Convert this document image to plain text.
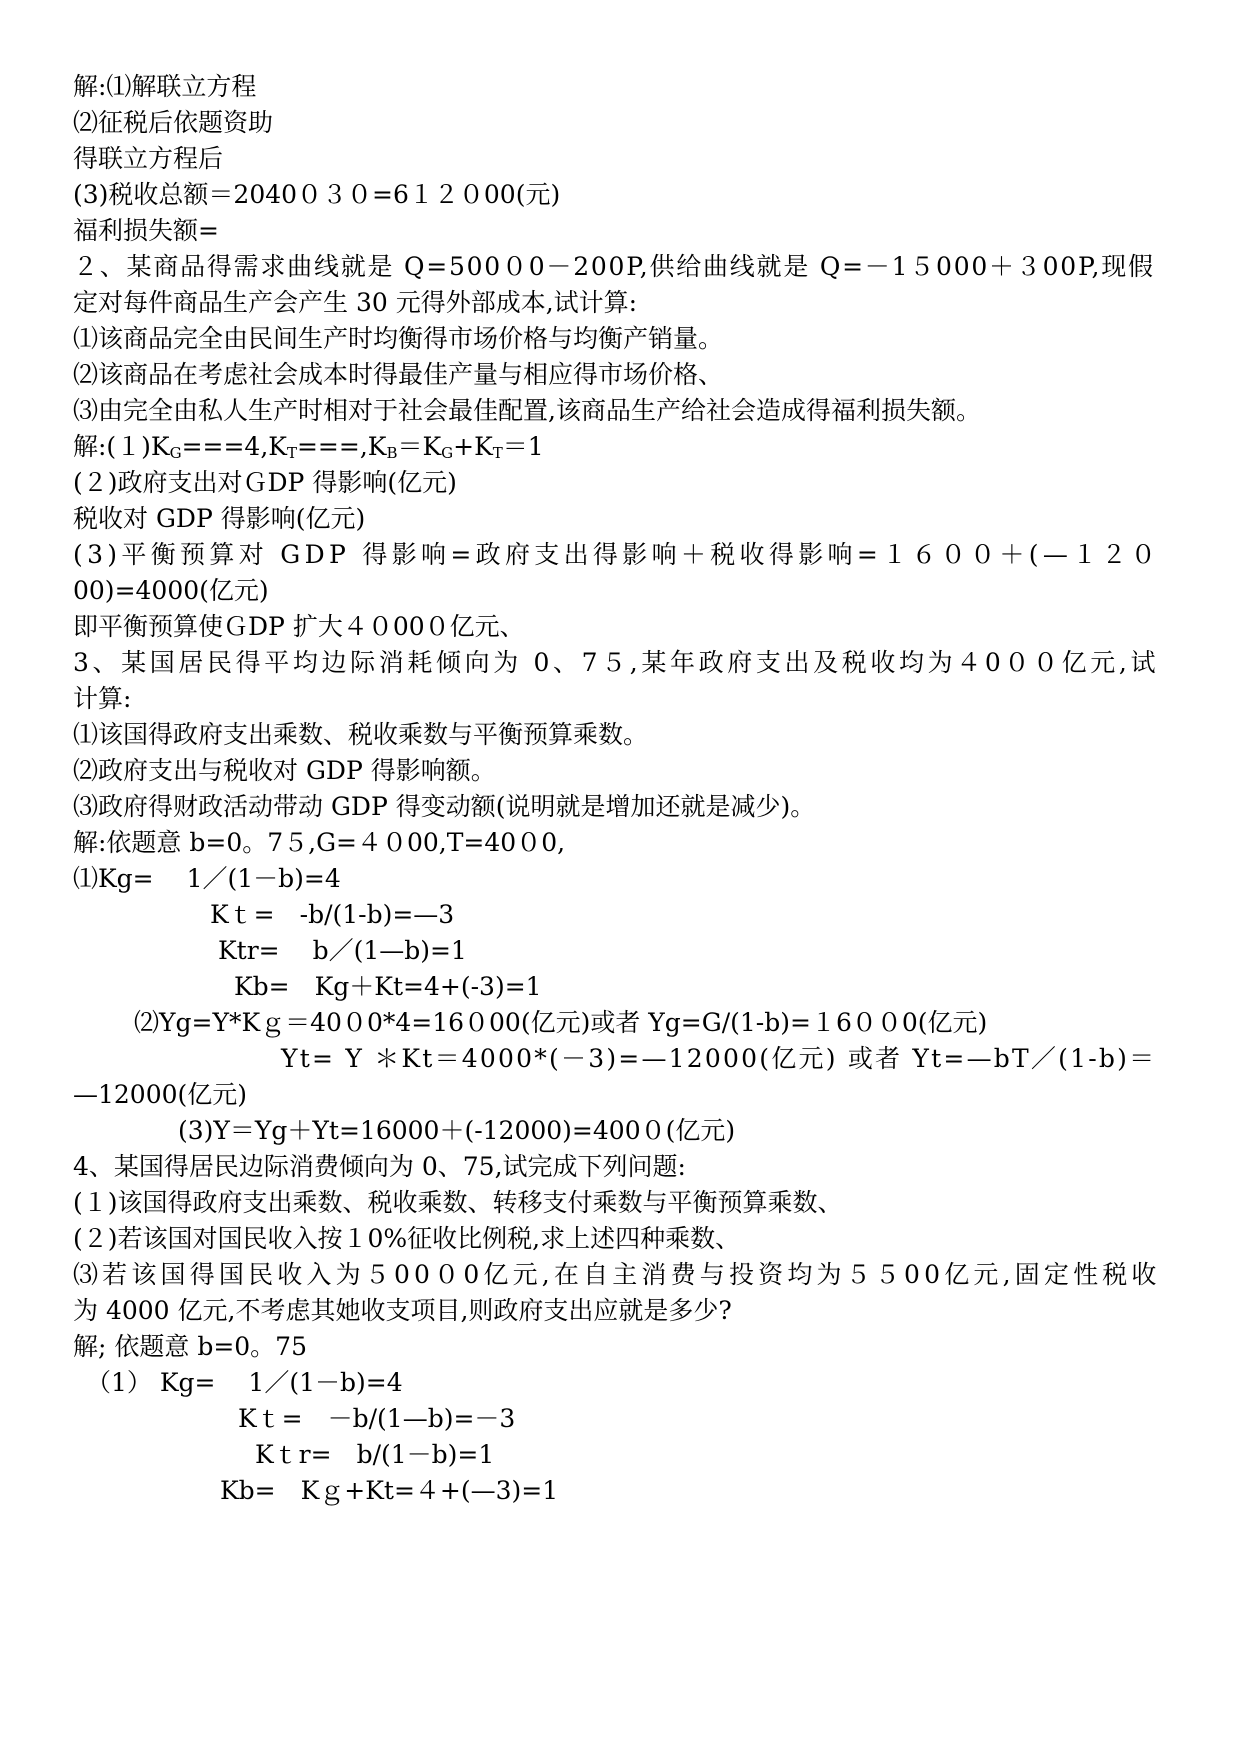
解:⑴解联立方程
⑵征税后依题资助
得联立方程后
(3)税收总额＝2040０３０=6１２０00(元)
福利损失额=
２、某商品得需求曲线就是 Q=500０0－200P,供给曲线就是 Q=－1５000＋３00P,现假
定对每件商品生产会产生 30 元得外部成本,试计算:
⑴该商品完全由民间生产时均衡得市场价格与均衡产销量。
⑵该商品在考虑社会成本时得最佳产量与相应得市场价格、
⑶由完全由私人生产时相对于社会最佳配置,该商品生产给社会造成得福利损失额。
解$:(1)K_G===4,K_T===,K_B=K_G+K_T=1$
(２)政府支出对ＧDP 得影响(亿元)
税收对 GDP 得影响(亿元)
(3)平衡预算对 GDP 得影响=政府支出得影响＋税收得影响=１６００＋(—１２０
00)=4000(亿元)
即平衡预算使ＧDP 扩大４０00０亿元、
3、某国居民得平均边际消耗倾向为 0、7５,某年政府支出及税收均为４0００亿元,试
计算:
⑴该国得政府支出乘数、税收乘数与平衡预算乘数。
⑵政府支出与税收对 GDP 得影响额。
⑶政府得财政活动带动 GDP 得变动额(说明就是增加还就是减少)。
解:依题意 b=0。7５,G=４０00,T=40０0,
⑴Kg=　 1／(1－b)=4
Kｔ=　-b/(1-b)=—3
Ktr=　 b／(1—b)=1
Kb=　Kg＋Kt=4+(-3)=1
⑵Yg=Y*Kｇ＝40０0*4=16０00(亿元)或者 Yg=G/(1-b)=１6００0(亿元)
Yt= Y ＊Kt＝4000*(－3)=—12000(亿元) 或者 Yt=—bT／(1-b)＝
—12000(亿元)
(3)Y＝Yg＋Yt=16000＋(-12000)=400０(亿元)
4、某国得居民边际消费倾向为 0、75,试完成下列问题:
(１)该国得政府支出乘数、税收乘数、转移支付乘数与平衡预算乘数、
(２)若该国对国民收入按１0%征收比例税,求上述四种乘数、
⑶若该国得国民收入为５00０0亿元,在自主消费与投资均为５５00亿元,固定性税收
为 4000 亿元,不考虑其她收支项目,则政府支出应就是多少?
解; 依题意 b=0。75
（1） Kg=　 1／(1－b)=4
Kｔ=　－b/(1—b)=－3
Kｔr=　b/(1－b)=1
Kb=　Kｇ+Kt=４+(—3)=1
